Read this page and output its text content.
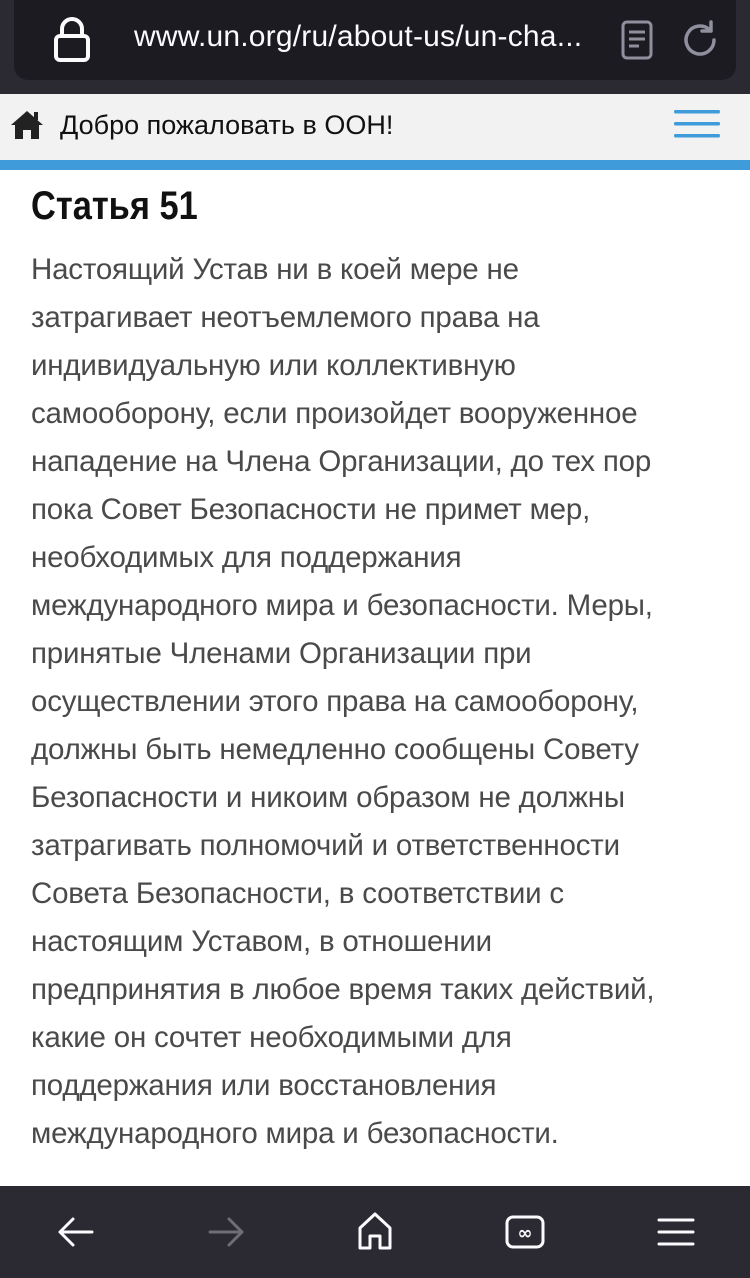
www.un.org/ru/about-us/un-cha...
Добро пожаловать в ООН!
Статья 51

Настоящий Устав ни в коей мере не
затрагивает неотъемлемого права на
индивидуальную или коллективную
самооборону, если произойдет вооруженное
нападение на Члена Организации, до тех пор
пока Совет Безопасности не примет мер,
необходимых для поддержания
международного мира и безопасности. Меры,
принятые Членами Организации при
осуществлении этого права на самооборону,
должны быть немедленно сообщены Совету
Безопасности и никоим образом не должны
затрагивать полномочий и ответственности
Совета Безопасности, в соответствии с
настоящим Уставом, в отношении
предпринятия в любое время таких действий,
какие он сочтет необходимыми для
поддержания или восстановления
международного мира и безопасности.

∞
